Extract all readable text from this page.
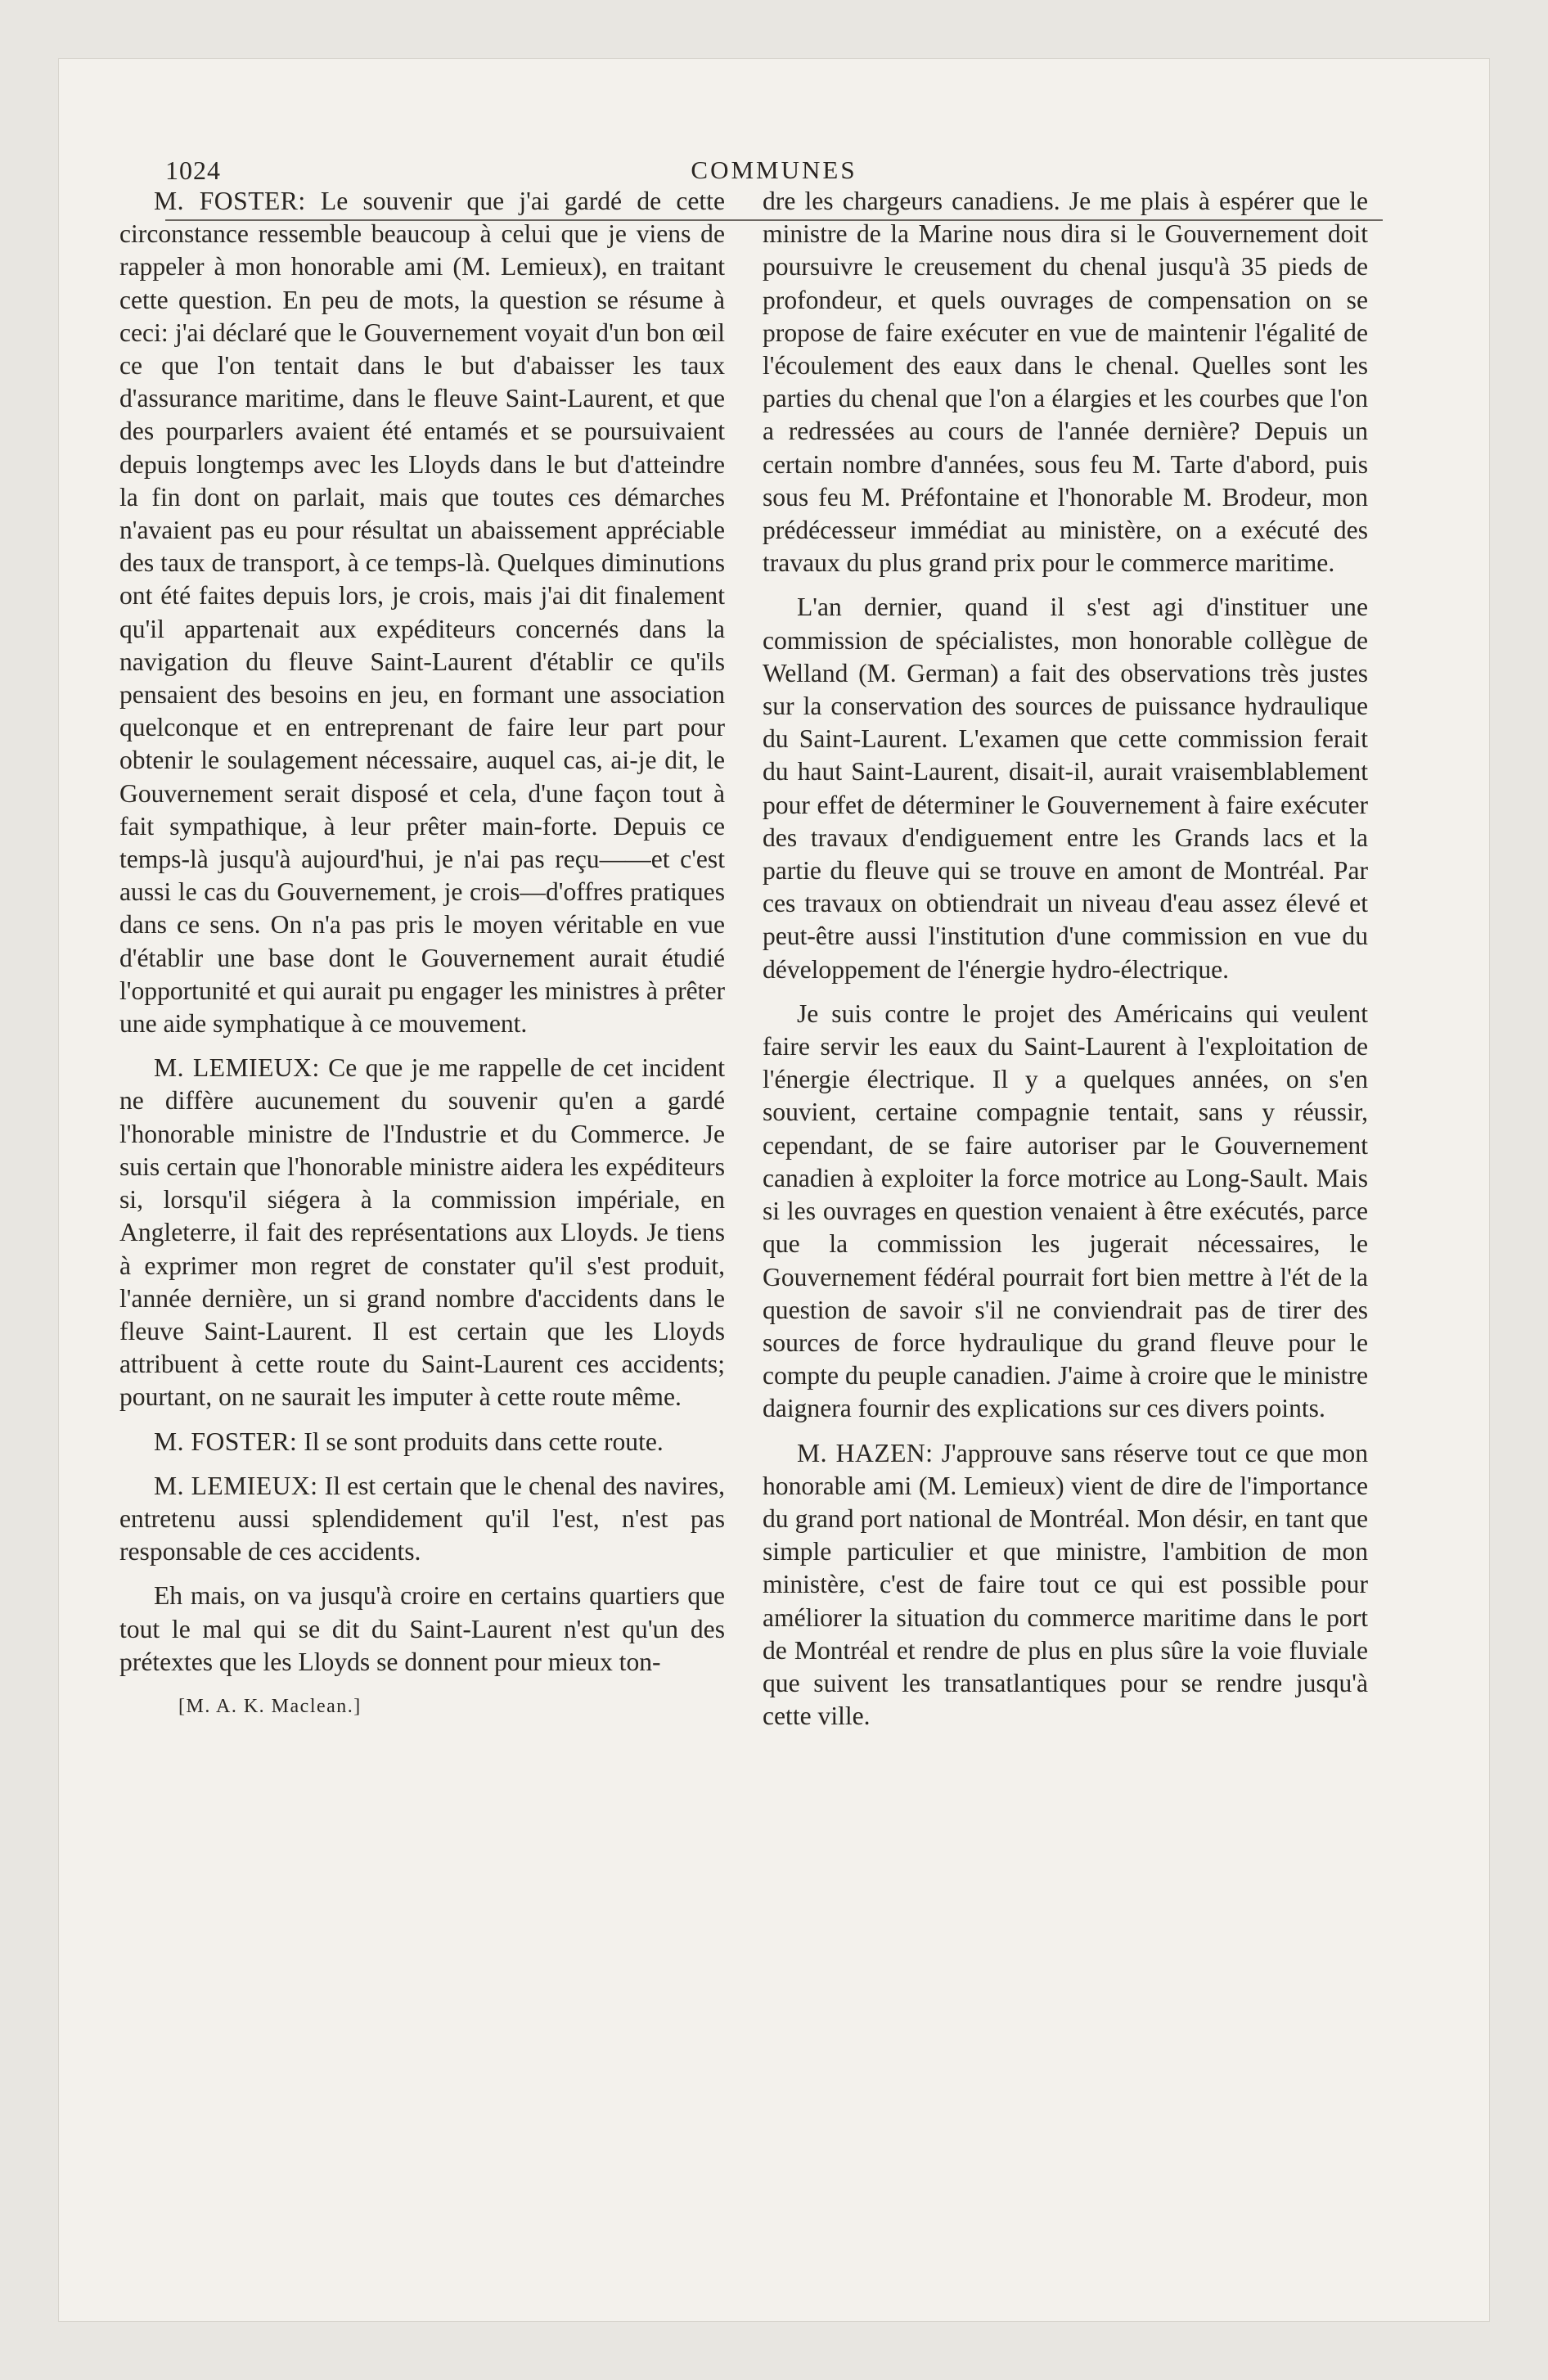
1024	COMMUNES

M. FOSTER: Le souvenir que j'ai gardé de cette circonstance ressemble beaucoup à celui que je viens de rappeler à mon honorable ami (M. Lemieux), en traitant cette question. En peu de mots, la question se résume à ceci: j'ai déclaré que le Gouvernement voyait d'un bon œil ce que l'on tentait dans le but d'abaisser les taux d'assurance maritime, dans le fleuve Saint-Laurent, et que des pourparlers avaient été entamés et se poursuivaient depuis longtemps avec les Lloyds dans le but d'atteindre la fin dont on parlait, mais que toutes ces démarches n'avaient pas eu pour résultat un abaissement appréciable des taux de transport, à ce temps-là. Quelques diminutions ont été faites depuis lors, je crois, mais j'ai dit finalement qu'il appartenait aux expéditeurs concernés dans la navigation du fleuve Saint-Laurent d'établir ce qu'ils pensaient des besoins en jeu, en formant une association quelconque et en entreprenant de faire leur part pour obtenir le soulagement nécessaire, auquel cas, ai-je dit, le Gouvernement serait disposé et cela, d'une façon tout à fait sympathique, à leur prêter main-forte. Depuis ce temps-là jusqu'à aujourd'hui, je n'ai pas reçu——et c'est aussi le cas du Gouvernement, je crois—d'offres pratiques dans ce sens. On n'a pas pris le moyen véritable en vue d'établir une base dont le Gouvernement aurait étudié l'opportunité et qui aurait pu engager les ministres à prêter une aide symphatique à ce mouvement.

M. LEMIEUX: Ce que je me rappelle de cet incident ne diffère aucunement du souvenir qu'en a gardé l'honorable ministre de l'Industrie et du Commerce. Je suis certain que l'honorable ministre aidera les expéditeurs si, lorsqu'il siégera à la commission impériale, en Angleterre, il fait des représentations aux Lloyds. Je tiens à exprimer mon regret de constater qu'il s'est produit, l'année dernière, un si grand nombre d'accidents dans le fleuve Saint-Laurent. Il est certain que les Lloyds attribuent à cette route du Saint-Laurent ces accidents; pourtant, on ne saurait les imputer à cette route même.

M. FOSTER: Il se sont produits dans cette route.

M. LEMIEUX: Il est certain que le chenal des navires, entretenu aussi splendidement qu'il l'est, n'est pas responsable de ces accidents.

Eh mais, on va jusqu'à croire en certains quartiers que tout le mal qui se dit du Saint-Laurent n'est qu'un des prétextes que les Lloyds se donnent pour mieux ton-

[M. A. K. Maclean.]

dre les chargeurs canadiens. Je me plais à espérer que le ministre de la Marine nous dira si le Gouvernement doit poursuivre le creusement du chenal jusqu'à 35 pieds de profondeur, et quels ouvrages de compensation on se propose de faire exécuter en vue de maintenir l'égalité de l'écoulement des eaux dans le chenal. Quelles sont les parties du chenal que l'on a élargies et les courbes que l'on a redressées au cours de l'année dernière? Depuis un certain nombre d'années, sous feu M. Tarte d'abord, puis sous feu M. Préfontaine et l'honorable M. Brodeur, mon prédécesseur immédiat au ministère, on a exécuté des travaux du plus grand prix pour le commerce maritime.

L'an dernier, quand il s'est agi d'instituer une commission de spécialistes, mon honorable collègue de Welland (M. German) a fait des observations très justes sur la conservation des sources de puissance hydraulique du Saint-Laurent. L'examen que cette commission ferait du haut Saint-Laurent, disait-il, aurait vraisemblablement pour effet de déterminer le Gouvernement à faire exécuter des travaux d'endiguement entre les Grands lacs et la partie du fleuve qui se trouve en amont de Montréal. Par ces travaux on obtiendrait un niveau d'eau assez élevé et peut-être aussi l'institution d'une commission en vue du développement de l'énergie hydro-électrique.

Je suis contre le projet des Américains qui veulent faire servir les eaux du Saint-Laurent à l'exploitation de l'énergie électrique. Il y a quelques années, on s'en souvient, certaine compagnie tentait, sans y réussir, cependant, de se faire autoriser par le Gouvernement canadien à exploiter la force motrice au Long-Sault. Mais si les ouvrages en question venaient à être exécutés, parce que la commission les jugerait nécessaires, le Gouvernement fédéral pourrait fort bien mettre à l'ét de la question de savoir s'il ne conviendrait pas de tirer des sources de force hydraulique du grand fleuve pour le compte du peuple canadien. J'aime à croire que le ministre daignera fournir des explications sur ces divers points.

M. HAZEN: J'approuve sans réserve tout ce que mon honorable ami (M. Lemieux) vient de dire de l'importance du grand port national de Montréal. Mon désir, en tant que simple particulier et que ministre, l'ambition de mon ministère, c'est de faire tout ce qui est possible pour améliorer la situation du commerce maritime dans le port de Montréal et rendre de plus en plus sûre la voie fluviale que suivent les transatlantiques pour se rendre jusqu'à cette ville.
